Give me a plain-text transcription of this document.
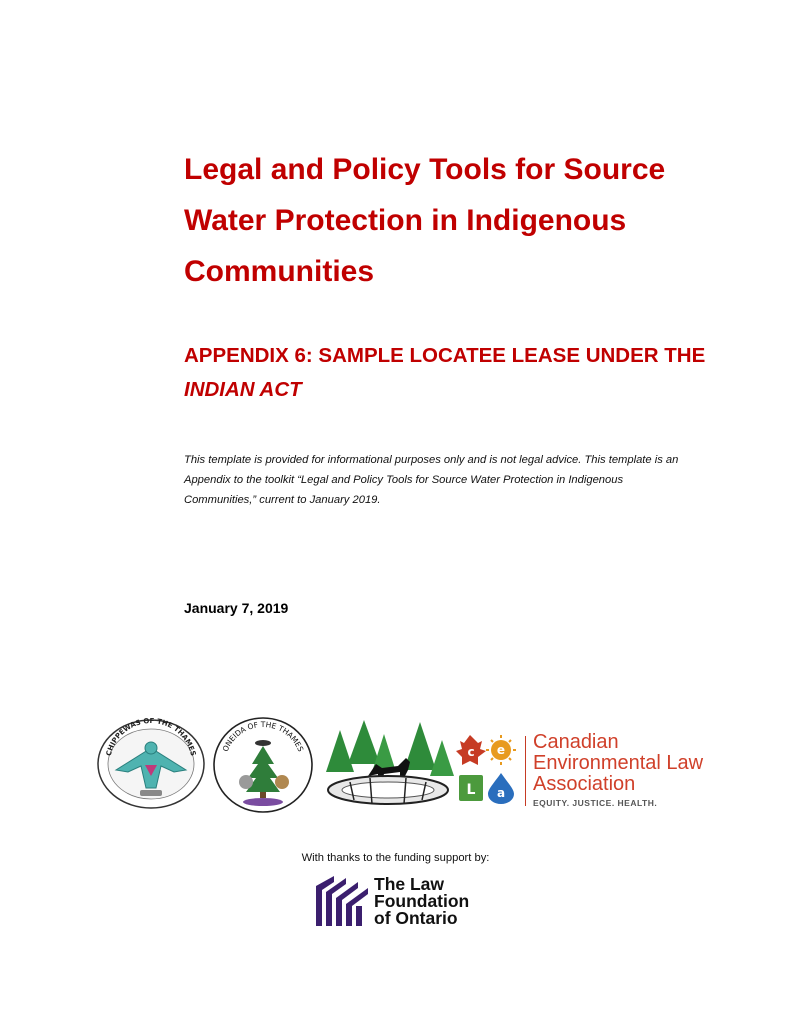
Legal and Policy Tools for Source Water Protection in Indigenous Communities
APPENDIX 6: SAMPLE LOCATEE LEASE UNDER THE INDIAN ACT

This template is provided for informational purposes only and is not legal advice. This template is an Appendix to the toolkit “Legal and Policy Tools for Source Water Protection in Indigenous Communities,” current to January 2019.

January 7, 2019

CHIPPEWAS OF THE THAMES
ONEIDA OF THE THAMES	c e
L a
Canadian
Environmental Law
Association
EQUITY. JUSTICE. HEALTH.
With thanks to the funding support by:
The Law
Foundation
of Ontario
